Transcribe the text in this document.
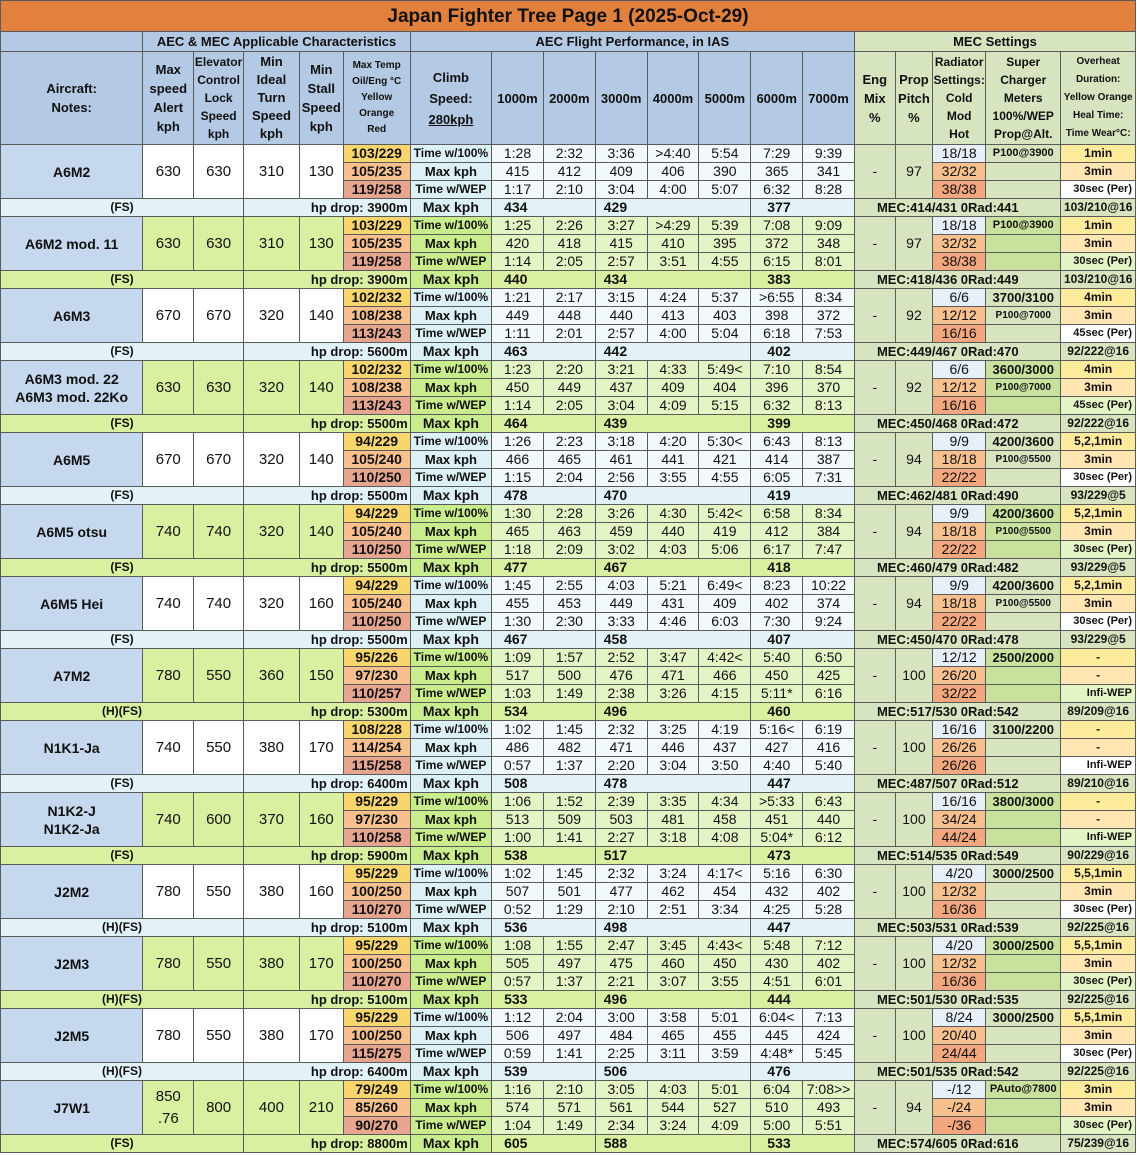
Japan Fighter Tree Page 1 (2025-Oct-29)																		
	AEC & MEC Applicable Characteristics					AEC Flight Performance, in IAS								MEC Settings				
Aircraft:
Notes:	Max
speed
Alert
kph	Elevator
Control
Lock
Speed
kph	Min
Ideal
Turn
Speed
kph	Min
Stall
Speed
kph	Max Temp
Oil/Eng °C
Yellow
Orange
Red	Climb
Speed:
280kph	1000m	2000m	3000m	4000m	5000m	6000m	7000m	Eng
Mix
%	Prop
Pitch
%	Radiator
Settings:
Cold
Mod
Hot	Super
Charger
Meters
100%/WEP
Prop@Alt.	Overheat
Duration:
Yellow Orange
Heal Time:
Time Wear°C:
A6M2	630	630	310	130	103/229	Time w/100%	1:28	2:32	3:36	>4:40	5:54	7:29	9:39	-	97	18/18	P100@3900	1min
					105/235	Max kph	415	412	409	406	390	365	341			32/32		3min
					119/258	Time w/WEP	1:17	2:10	3:04	4:00	5:07	6:32	8:28			38/38		30sec (Per)
(FS)			hp drop: 3900m			Max kph	434		429			377		MEC:414/431 0Rad:441				103/210@16
A6M2 mod. 11	630	630	310	130	103/229	Time w/100%	1:25	2:26	3:27	>4:29	5:39	7:08	9:09	-	97	18/18	P100@3900	1min
					105/235	Max kph	420	418	415	410	395	372	348			32/32		3min
					119/258	Time w/WEP	1:14	2:05	2:57	3:51	4:55	6:15	8:01			38/38		30sec (Per)
(FS)			hp drop: 3900m			Max kph	440		434			383		MEC:418/436 0Rad:449				103/210@16
A6M3	670	670	320	140	102/232	Time w/100%	1:21	2:17	3:15	4:24	5:37	>6:55	8:34	-	92	6/6	3700/3100	4min
					108/238	Max kph	449	448	440	413	403	398	372			12/12	P100@7000	3min
					113/243	Time w/WEP	1:11	2:01	2:57	4:00	5:04	6:18	7:53			16/16		45sec (Per)
(FS)			hp drop: 5600m			Max kph	463		442			402		MEC:449/467 0Rad:470				92/222@16
A6M3 mod. 22
A6M3 mod. 22Ko	630	630	320	140	102/232	Time w/100%	1:23	2:20	3:21	4:33	5:49<	7:10	8:54	-	92	6/6	3600/3000	4min
					108/238	Max kph	450	449	437	409	404	396	370			12/12	P100@7000	3min
					113/243	Time w/WEP	1:14	2:05	3:04	4:09	5:15	6:32	8:13			16/16		45sec (Per)
(FS)			hp drop: 5500m			Max kph	464		439			399		MEC:450/468 0Rad:472				92/222@16
A6M5	670	670	320	140	94/229	Time w/100%	1:26	2:23	3:18	4:20	5:30<	6:43	8:13	-	94	9/9	4200/3600	5,2,1min
					105/240	Max kph	466	465	461	441	421	414	387			18/18	P100@5500	3min
					110/250	Time w/WEP	1:15	2:04	2:56	3:55	4:55	6:05	7:31			22/22		30sec (Per)
(FS)			hp drop: 5500m			Max kph	478		470			419		MEC:462/481 0Rad:490				93/229@5
A6M5 otsu	740	740	320	140	94/229	Time w/100%	1:30	2:28	3:26	4:30	5:42<	6:58	8:34	-	94	9/9	4200/3600	5,2,1min
					105/240	Max kph	465	463	459	440	419	412	384			18/18	P100@5500	3min
					110/250	Time w/WEP	1:18	2:09	3:02	4:03	5:06	6:17	7:47			22/22		30sec (Per)
(FS)			hp drop: 5500m			Max kph	477		467			418		MEC:460/479 0Rad:482				93/229@5
A6M5 Hei	740	740	320	160	94/229	Time w/100%	1:45	2:55	4:03	5:21	6:49<	8:23	10:22	-	94	9/9	4200/3600	5,2,1min
					105/240	Max kph	455	453	449	431	409	402	374			18/18	P100@5500	3min
					110/250	Time w/WEP	1:30	2:30	3:33	4:46	6:03	7:30	9:24			22/22		30sec (Per)
(FS)			hp drop: 5500m			Max kph	467		458			407		MEC:450/470 0Rad:478				93/229@5
A7M2	780	550	360	150	95/226	Time w/100%	1:09	1:57	2:52	3:47	4:42<	5:40	6:50	-	100	12/12	2500/2000	-
					97/230	Max kph	517	500	476	471	466	450	425			26/20		-
					110/257	Time w/WEP	1:03	1:49	2:38	3:26	4:15	5:11*	6:16			32/22		Infi-WEP
(H)(FS)			hp drop: 5300m			Max kph	534		496			460		MEC:517/530 0Rad:542				89/209@16
N1K1-Ja	740	550	380	170	108/228	Time w/100%	1:02	1:45	2:32	3:25	4:19	5:16<	6:19	-	100	16/16	3100/2200	-
					114/254	Max kph	486	482	471	446	437	427	416			26/26		-
					115/258	Time w/WEP	0:57	1:37	2:20	3:04	3:50	4:40	5:40			26/26		Infi-WEP
(FS)			hp drop: 6400m			Max kph	508		478			447		MEC:487/507 0Rad:512				89/210@16
N1K2-J
N1K2-Ja	740	600	370	160	95/229	Time w/100%	1:06	1:52	2:39	3:35	4:34	>5:33	6:43	-	100	16/16	3800/3000	-
					97/230	Max kph	513	509	503	481	458	451	440			34/24		-
					110/258	Time w/WEP	1:00	1:41	2:27	3:18	4:08	5:04*	6:12			44/24		Infi-WEP
(FS)			hp drop: 5900m			Max kph	538		517			473		MEC:514/535 0Rad:549				90/229@16
J2M2	780	550	380	160	95/229	Time w/100%	1:02	1:45	2:32	3:24	4:17<	5:16	6:30	-	100	4/20	3000/2500	5,5,1min
					100/250	Max kph	507	501	477	462	454	432	402			12/32		3min
					110/270	Time w/WEP	0:52	1:29	2:10	2:51	3:34	4:25	5:28			16/36		30sec (Per)
(H)(FS)			hp drop: 5100m			Max kph	536		498			447		MEC:503/531 0Rad:539				92/225@16
J2M3	780	550	380	170	95/229	Time w/100%	1:08	1:55	2:47	3:45	4:43<	5:48	7:12	-	100	4/20	3000/2500	5,5,1min
					100/250	Max kph	505	497	475	460	450	430	402			12/32		3min
					110/270	Time w/WEP	0:57	1:37	2:21	3:07	3:55	4:51	6:01			16/36		30sec (Per)
(H)(FS)			hp drop: 5100m			Max kph	533		496			444		MEC:501/530 0Rad:535				92/225@16
J2M5	780	550	380	170	95/229	Time w/100%	1:12	2:04	3:00	3:58	5:01	6:04<	7:13	-	100	8/24	3000/2500	5,5,1min
					100/250	Max kph	506	497	484	465	455	445	424			20/40		3min
					115/275	Time w/WEP	0:59	1:41	2:25	3:11	3:59	4:48*	5:45			24/44		30sec (Per)
(H)(FS)			hp drop: 6400m			Max kph	539		506			476		MEC:501/535 0Rad:542				92/225@16
J7W1	850
.76	800	400	210	79/249	Time w/100%	1:16	2:10	3:05	4:03	5:01	6:04	7:08>>	-	94	-/12	PAuto@7800	3min
					85/260	Max kph	574	571	561	544	527	510	493			-/24		3min
					90/270	Time w/WEP	1:04	1:49	2:34	3:24	4:09	5:00	5:51			-/36		30sec (Per)
(FS)			hp drop: 8800m			Max kph	605		588			533		MEC:574/605 0Rad:616				75/239@16
